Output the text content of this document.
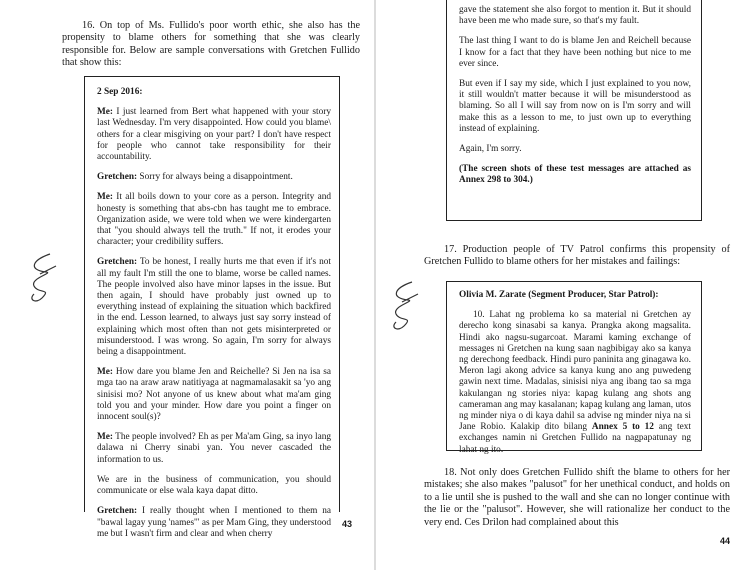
16. On top of Ms. Fullido's poor worth ethic, she also has the propensity to blame others for something that she was clearly responsible for. Below are sample conversations with Gretchen Fullido that show this:

2 Sep 2016:

Me: I just learned from Bert what happened with your story last Wednesday. I'm very disappointed. How could you blame\ others for a clear misgiving on your part? I don't have respect for people who cannot take responsibility for their accountability.

Gretchen: Sorry for always being a disappointment.

Me: It all boils down to your core as a person. Integrity and honesty is something that abs-cbn has taught me to embrace. Organization aside, we were told when we were kindergarten that "you should always tell the truth." If not, it erodes your character; your credibility suffers.

Gretchen: To be honest, I really hurts me that even if it's not all my fault I'm still the one to blame, worse be called names. The people involved also have minor lapses in the issue. But then again, I should have probably just owned up to everything instead of explaining the situation which backfired in the end. Lesson learned, to always just say sorry instead of explaining which most often than not gets misinterpreted or misunderstood. I was wrong. So again, I'm sorry for always being a disappointment.

Me: How dare you blame Jen and Reichelle? Si Jen na isa sa mga tao na araw araw natitiyaga at nagmamalasakit sa 'yo ang sinisisi mo? Not anyone of us knew about what ma'am ging told you and your minder. How dare you point a finger on innocent soul(s)?

Me: The people involved? Eh as per Ma'am Ging, sa inyo lang dalawa ni Cherry sinabi yan. You never cascaded the information to us.

We are in the business of communication, you should communicate or else wala kaya dapat ditto.

Gretchen: I really thought when I mentioned to them na "bawal lagay yung 'names'" as per Mam Ging, they understood me but I wasn't firm and clear and when cherry

43

gave the statement she also forgot to mention it. But it should have been me who made sure, so that's my fault.

The last thing I want to do is blame Jen and Reichell because I know for a fact that they have been nothing but nice to me ever since.

But even if I say my side, which I just explained to you now, it still wouldn't matter because it will be misunderstood as blaming. So all I will say from now on is I'm sorry and will make this as a lesson to me, to just own up to everything instead of explaining.

Again, I'm sorry.

(The screen shots of these test messages are attached as Annex 298 to 304.)

17. Production people of TV Patrol confirms this propensity of Gretchen Fullido to blame others for her mistakes and failings:

Olivia M. Zarate (Segment Producer, Star Patrol):

10. Lahat ng problema ko sa material ni Gretchen ay derecho kong sinasabi sa kanya. Prangka akong magsalita. Hindi ako nagsu-sugarcoat. Marami kaming exchange of messages ni Gretchen na kung saan nagbibigay ako sa kanya ng derechong feedback. Hindi puro paninita ang ginagawa ko. Meron lagi akong advice sa kanya kung ano ang puwedeng gawin next time. Madalas, sinisisi niya ang ibang tao sa mga kakulangan ng stories niya: kapag kulang ang shots ang cameraman ang may kasalanan; kapag kulang ang laman, utos ng minder niya o di kaya dahil sa advise ng minder niya na si Jane Robio. Kalakip dito bilang Annex 5 to 12 ang text exchanges namin ni Gretchen Fullido na nagpapatunay ng lahat ng ito.

18. Not only does Gretchen Fullido shift the blame to others for her mistakes; she also makes "palusot" for her unethical conduct, and holds on to a lie until she is pushed to the wall and she can no longer continue with the lie or the "palusot". However, she will rationalize her conduct to the very end. Ces Drilon had complained about this

44
